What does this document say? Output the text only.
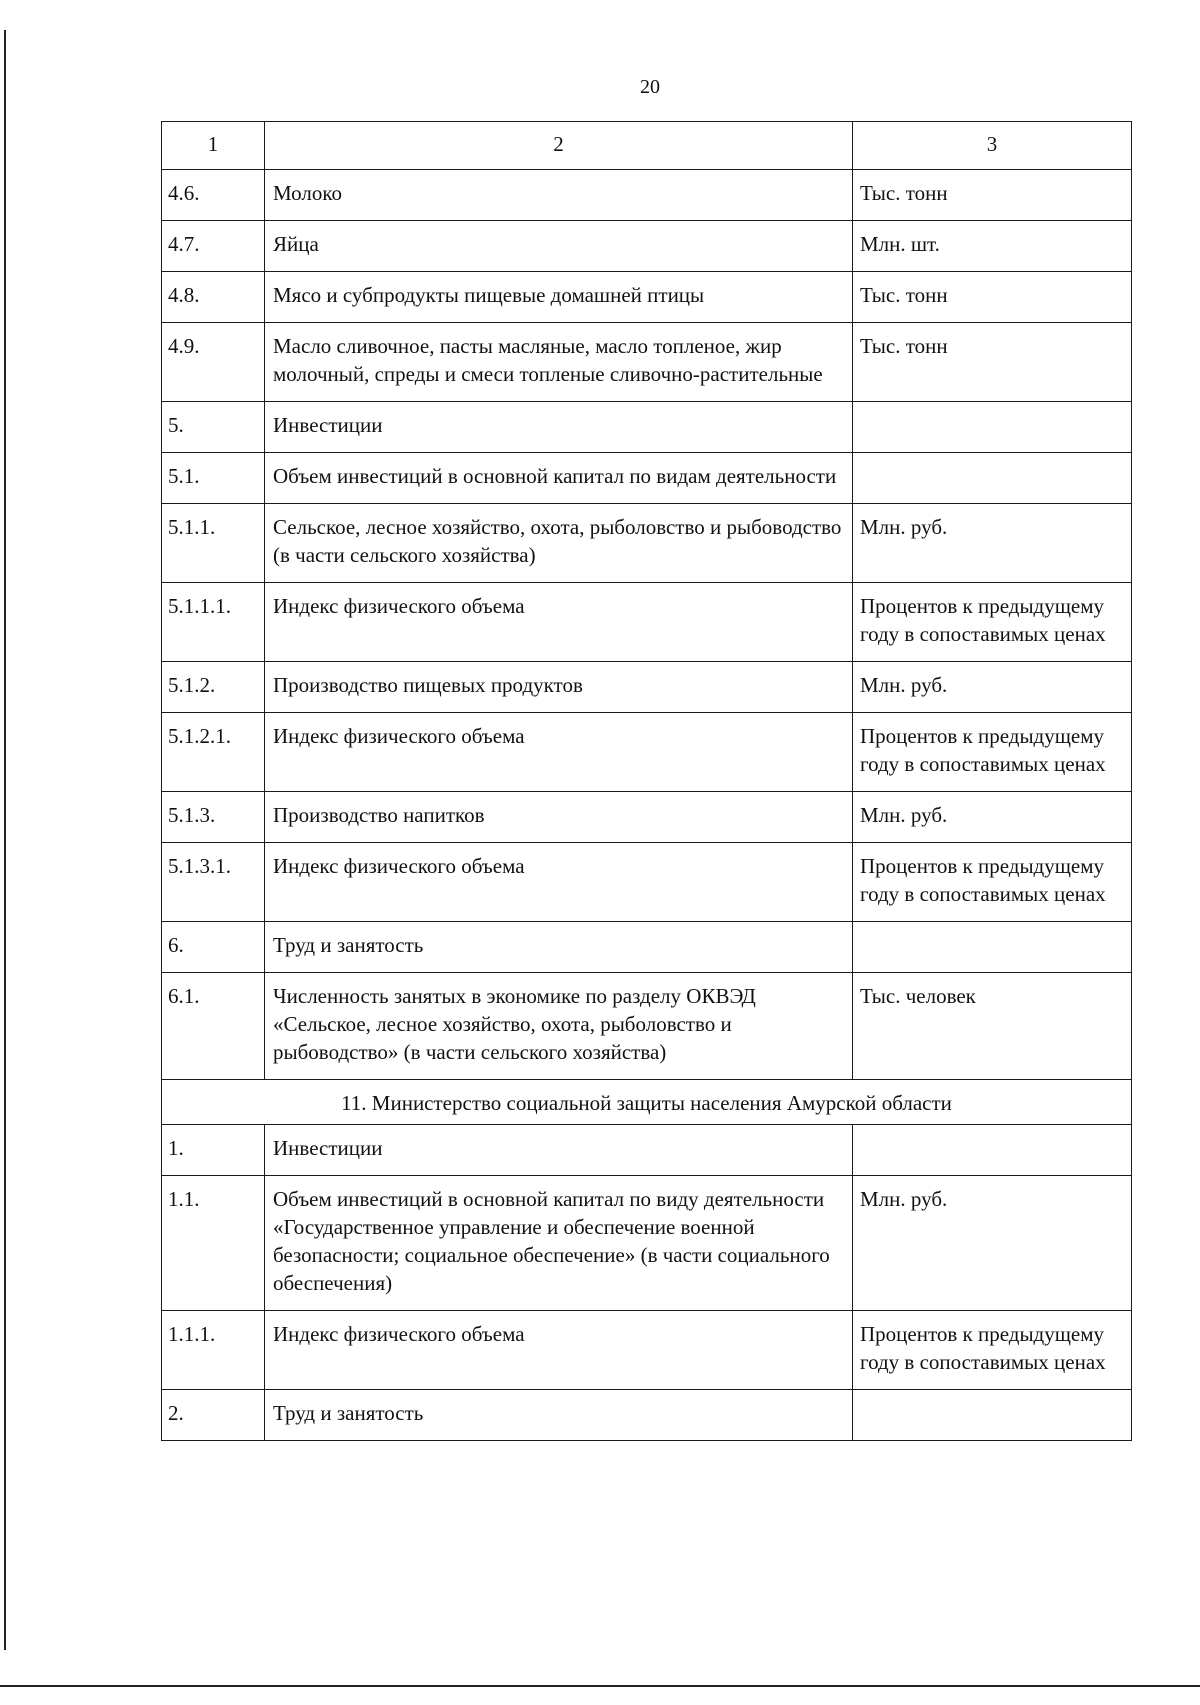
20
1	2	3
4.6.	Молоко	Тыс. тонн
4.7.	Яйца	Млн. шт.
4.8.	Мясо и субпродукты пищевые домашней птицы	Тыс. тонн
4.9.	Масло сливочное, пасты масляные, масло топленое, жир молочный, спреды и смеси топленые сливочно-растительные	Тыс. тонн
5.	Инвестиции	
5.1.	Объем инвестиций в основной капитал по видам деятельности	
5.1.1.	Сельское, лесное хозяйство, охота, рыболовство и рыбоводство (в части сельского хозяйства)	Млн. руб.
5.1.1.1.	Индекс физического объема	Процентов к предыдущему году в сопоставимых ценах
5.1.2.	Производство пищевых продуктов	Млн. руб.
5.1.2.1.	Индекс физического объема	Процентов к предыдущему году в сопоставимых ценах
5.1.3.	Производство напитков	Млн. руб.
5.1.3.1.	Индекс физического объема	Процентов к предыдущему году в сопоставимых ценах
6.	Труд и занятость	
6.1.	Численность занятых в экономике по разделу ОКВЭД «Сельское, лесное хозяйство, охота, рыболовство и рыбоводство» (в части сельского хозяйства)	Тыс. человек
11. Министерство социальной защиты населения Амурской области		
1.	Инвестиции	
1.1.	Объем инвестиций в основной капитал по виду деятельности «Государственное управление и обеспечение военной безопасности; социальное обеспечение» (в части социального обеспечения)	Млн. руб.
1.1.1.	Индекс физического объема	Процентов к предыдущему году в сопоставимых ценах
2.	Труд и занятость	
